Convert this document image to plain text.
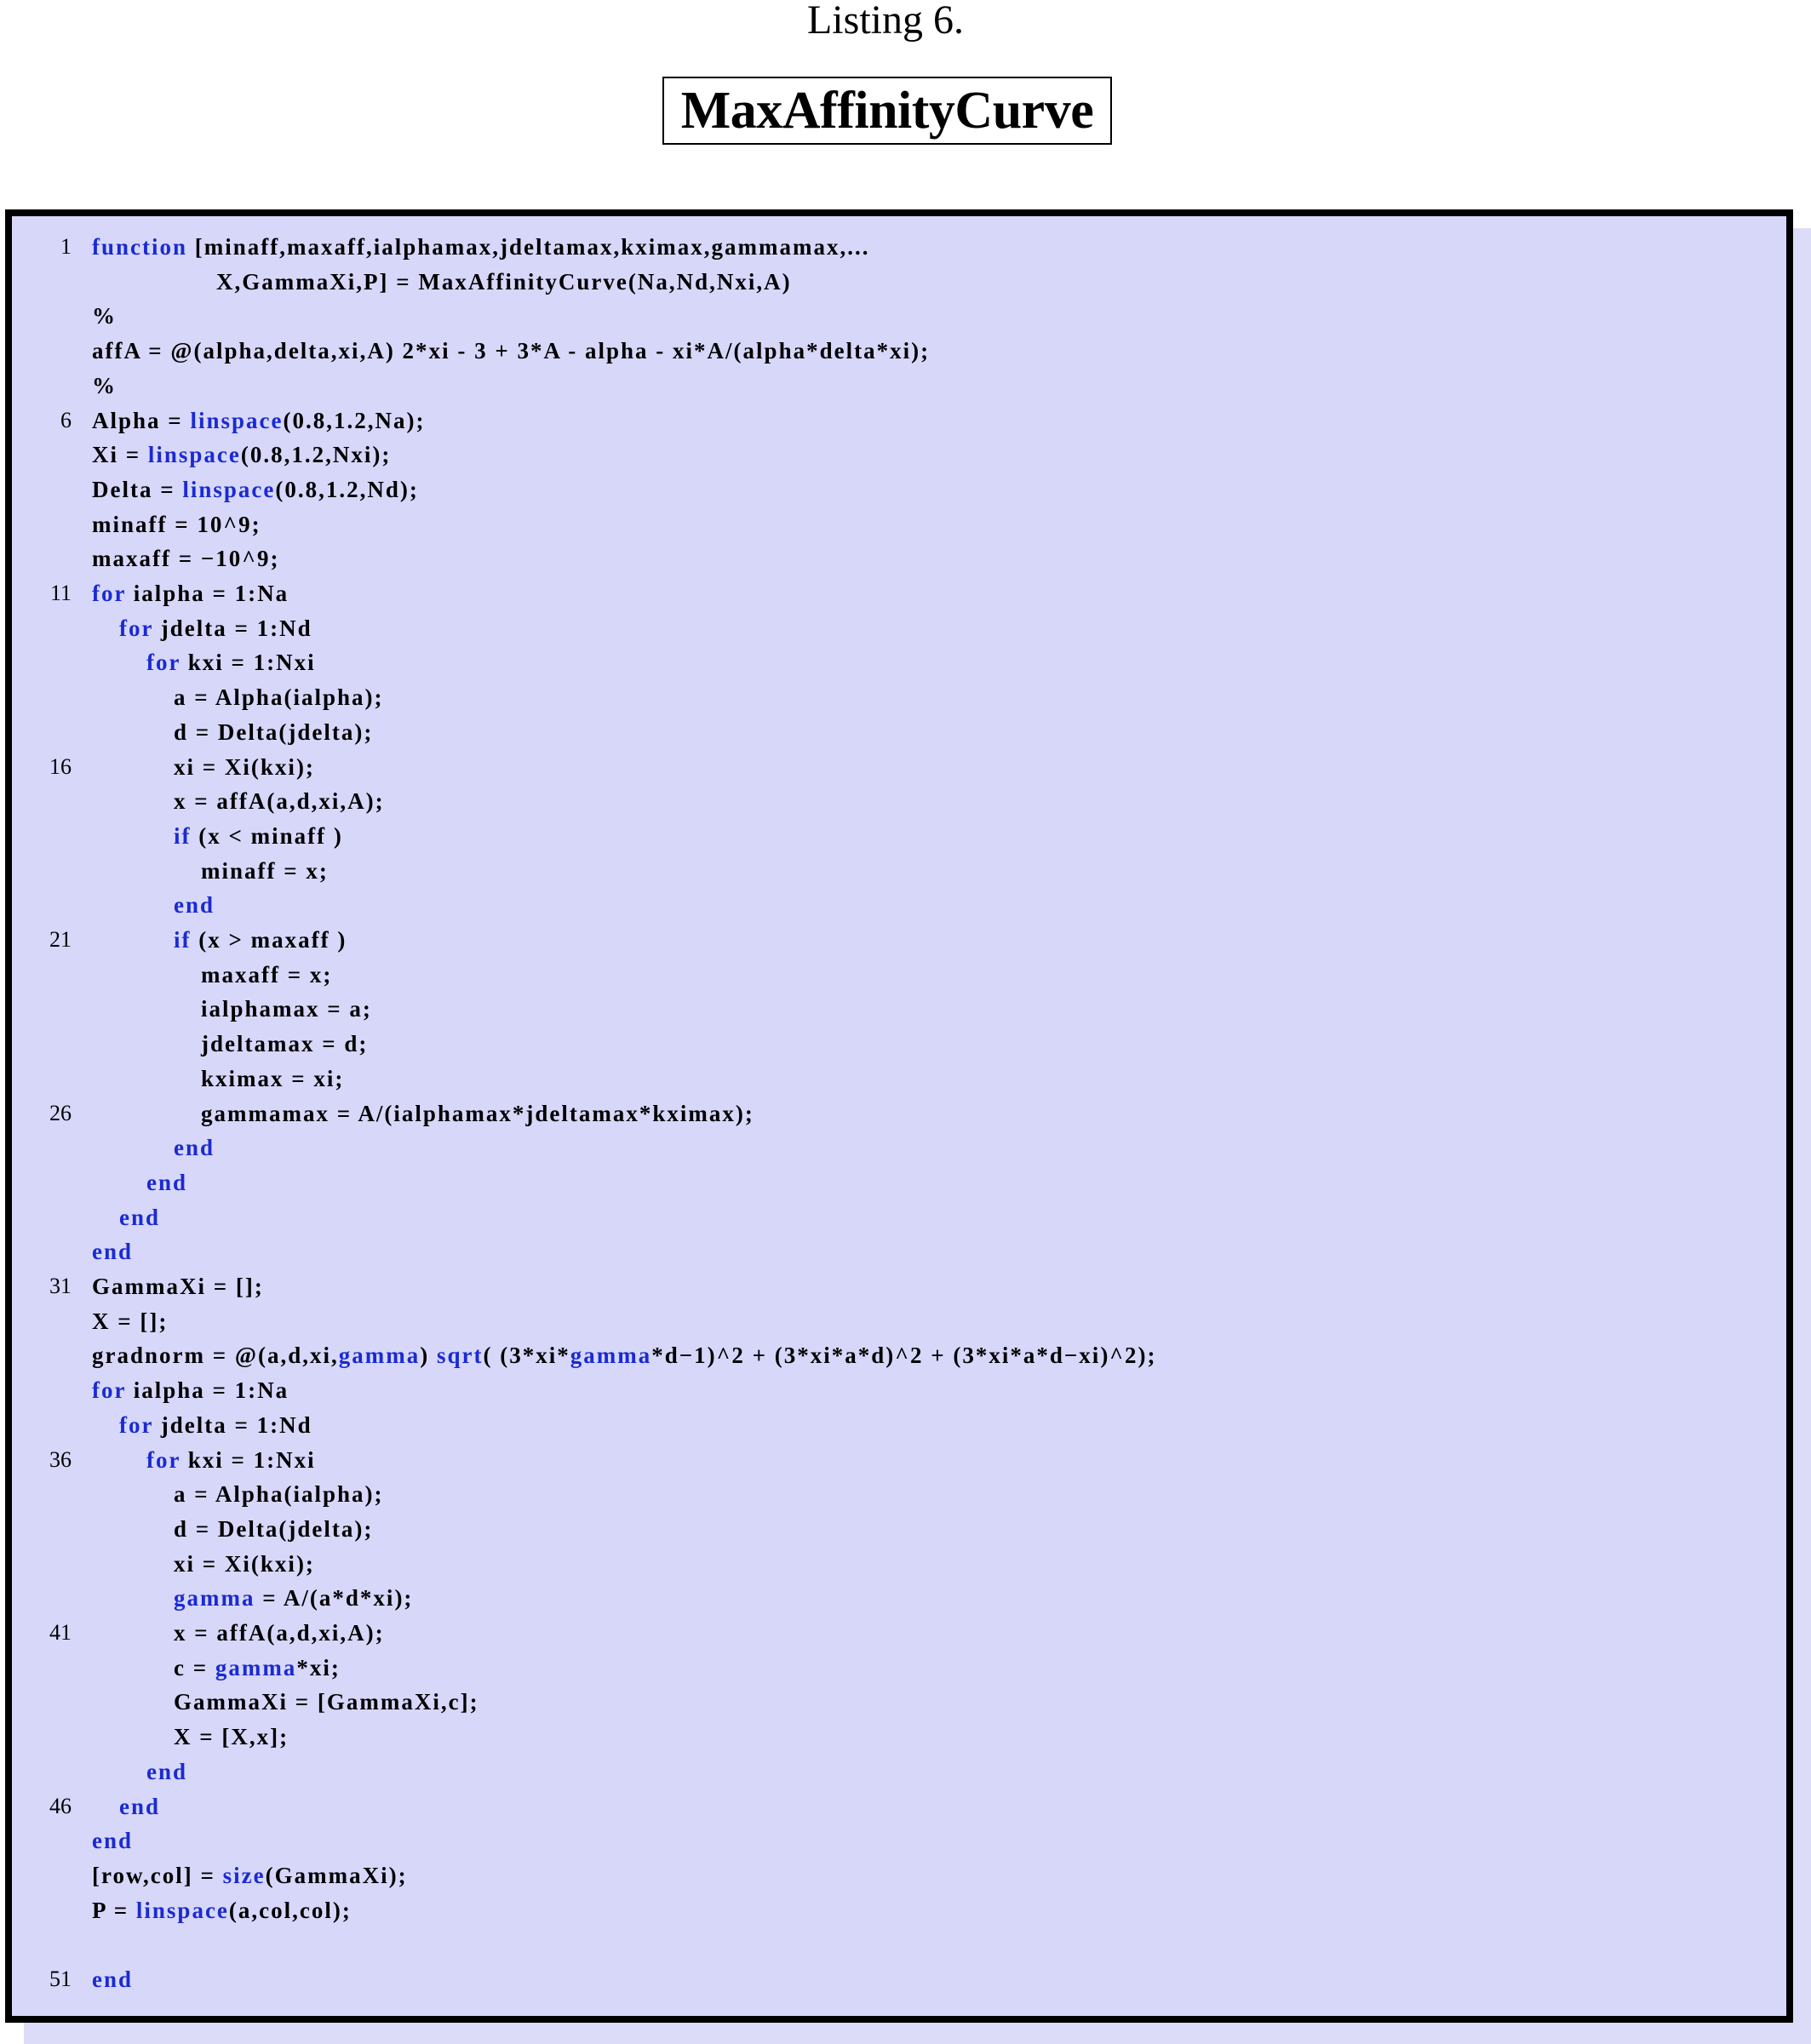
Listing 6.
MaxAffinityCurve
1 function [minaff,maxaff,ialphamax,jdeltamax,kximax,gammamax,...
X,GammaXi,P] = MaxAffinityCurve(Na,Nd,Nxi,A)
%
affA = @(alpha,delta,xi,A) 2*xi - 3 + 3*A - alpha - xi*A/(alpha*delta*xi);
%
6 Alpha = linspace(0.8,1.2,Na);
Xi = linspace(0.8,1.2,Nxi);
Delta = linspace(0.8,1.2,Nd);
minaff = 10^9;
maxaff = −10^9;
11 for ialpha = 1:Na
for jdelta = 1:Nd
for kxi = 1:Nxi
a = Alpha(ialpha);
d = Delta(jdelta);
16	xi = Xi(kxi);
x = affA(a,d,xi,A);
if (x < minaff )
minaff = x;
end
21	if (x > maxaff )
maxaff = x;
ialphamax = a;
jdeltamax = d;
kximax = xi;
26	gammamax = A/(ialphamax*jdeltamax*kximax);
end
end
end
end
31 GammaXi = [];
X = [];
gradnorm = @(a,d,xi,gamma) sqrt( (3*xi*gamma*d−1)^2 + (3*xi*a*d)^2 + (3*xi*a*d−xi)^2);
for ialpha = 1:Na
for jdelta = 1:Nd
36	for kxi = 1:Nxi
a = Alpha(ialpha);
d = Delta(jdelta);
xi = Xi(kxi);
gamma = A/(a*d*xi);
41	x = affA(a,d,xi,A);
c = gamma*xi;
GammaXi = [GammaXi,c];
X = [X,x];
end
46 end
end
[row,col] = size(GammaXi);
P = linspace(a,col,col);
51 end
